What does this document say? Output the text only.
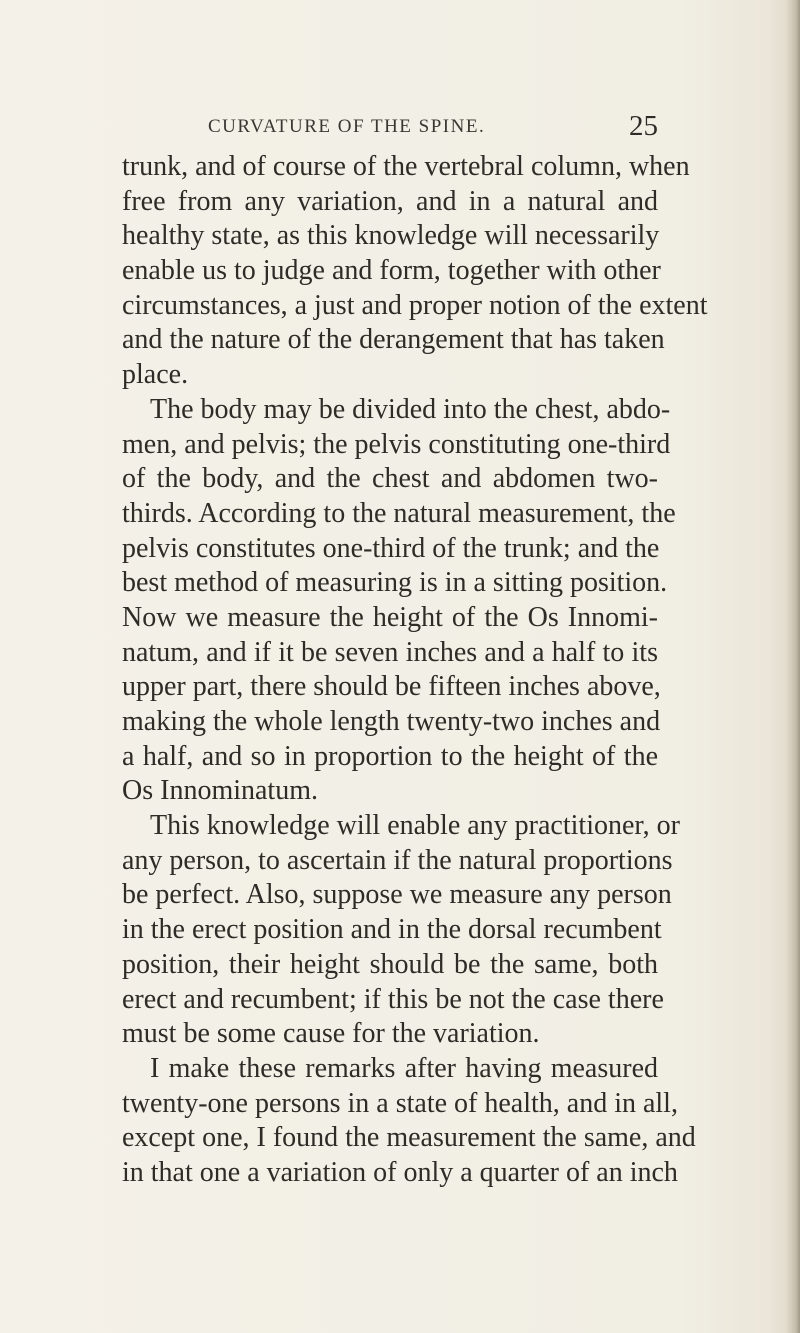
CURVATURE OF THE SPINE.	25
trunk, and of course of the vertebral column, when
free from any variation, and in a natural and
healthy state, as this knowledge will necessarily
enable us to judge and form, together with other
circumstances, a just and proper notion of the extent
and the nature of the derangement that has taken
place.
The body may be divided into the chest, abdo-
men, and pelvis; the pelvis constituting one-third
of the body, and the chest and abdomen two-
thirds. According to the natural measurement, the
pelvis constitutes one-third of the trunk; and the
best method of measuring is in a sitting position.
Now we measure the height of the Os Innomi-
natum, and if it be seven inches and a half to its
upper part, there should be fifteen inches above,
making the whole length twenty-two inches and
a half, and so in proportion to the height of the
Os Innominatum.
This knowledge will enable any practitioner, or
any person, to ascertain if the natural proportions
be perfect. Also, suppose we measure any person
in the erect position and in the dorsal recumbent
position, their height should be the same, both
erect and recumbent; if this be not the case there
must be some cause for the variation.
I make these remarks after having measured
twenty-one persons in a state of health, and in all,
except one, I found the measurement the same, and
in that one a variation of only a quarter of an inch
